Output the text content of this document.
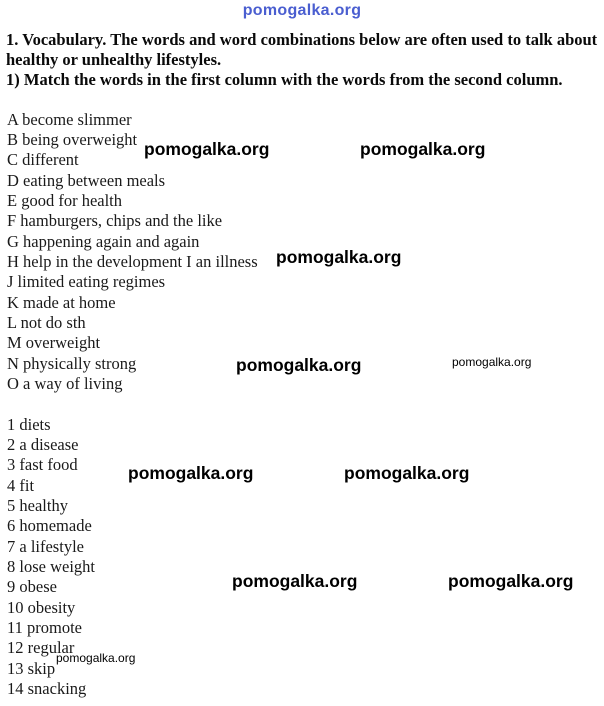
pomogalka.org
1. Vocabulary. The words and word combinations below are often used to talk about healthy or unhealthy lifestyles.
1) Match the words in the first column with the words from the second column.
A become slimmer
B being overweight
C different
D eating between meals
E good for health
F hamburgers, chips and the like
G happening again and again
H help in the development I an illness
J limited eating regimes
K made at home
L not do sth
M overweight
N physically strong
O a way of living
1 diets
2 a disease
3 fast food
4 fit
5 healthy
6 homemade
7 a lifestyle
8 lose weight
9 obese
10 obesity
11 promote
12 regular
13 skip
14 snacking
pomogalka.org	pomogalka.org
pomogalka.org
pomogalka.org	pomogalka.org
pomogalka.org	pomogalka.org
pomogalka.org	pomogalka.org
pomogalka.org
